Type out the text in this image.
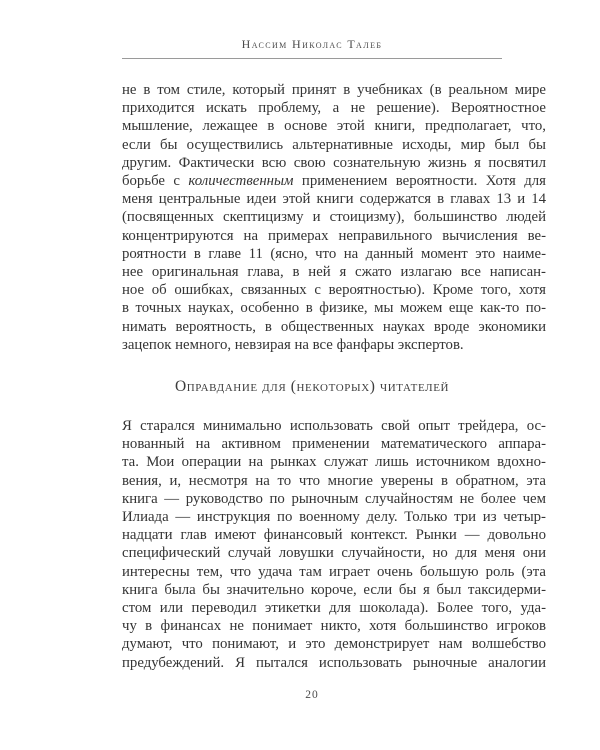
Нассим Николас Талеб
не в том стиле, который принят в учебниках (в реальном мире
приходится искать проблему, а не решение). Вероятностное
мышление, лежащее в основе этой книги, предполагает, что,
если бы осуществились альтернативные исходы, мир был бы
другим. Фактически всю свою сознательную жизнь я посвятил
борьбе с количественным применением вероятности. Хотя для
меня центральные идеи этой книги содержатся в главах 13 и 14
(посвященных скептицизму и стоицизму), большинство людей
концентрируются на примерах неправильного вычисления ве-
роятности в главе 11 (ясно, что на данный момент это наиме-
нее оригинальная глава, в ней я сжато излагаю все написан-
ное об ошибках, связанных с вероятностью). Кроме того, хотя
в точных науках, особенно в физике, мы можем еще как-то по-
нимать вероятность, в общественных науках вроде экономики
зацепок немного, невзирая на все фанфары экспертов.
Оправдание для (некоторых) читателей
Я старался минимально использовать свой опыт трейдера, ос-
нованный на активном применении математического аппара-
та. Мои операции на рынках служат лишь источником вдохно-
вения, и, несмотря на то что многие уверены в обратном, эта
книга — руководство по рыночным случайностям не более чем
Илиада — инструкция по военному делу. Только три из четыр-
надцати глав имеют финансовый контекст. Рынки — довольно
специфический случай ловушки случайности, но для меня они
интересны тем, что удача там играет очень большую роль (эта
книга была бы значительно короче, если бы я был таксидерми-
стом или переводил этикетки для шоколада). Более того, уда-
чу в финансах не понимает никто, хотя большинство игроков
думают, что понимают, и это демонстрирует нам волшебство
предубеждений. Я пытался использовать рыночные аналогии
20
